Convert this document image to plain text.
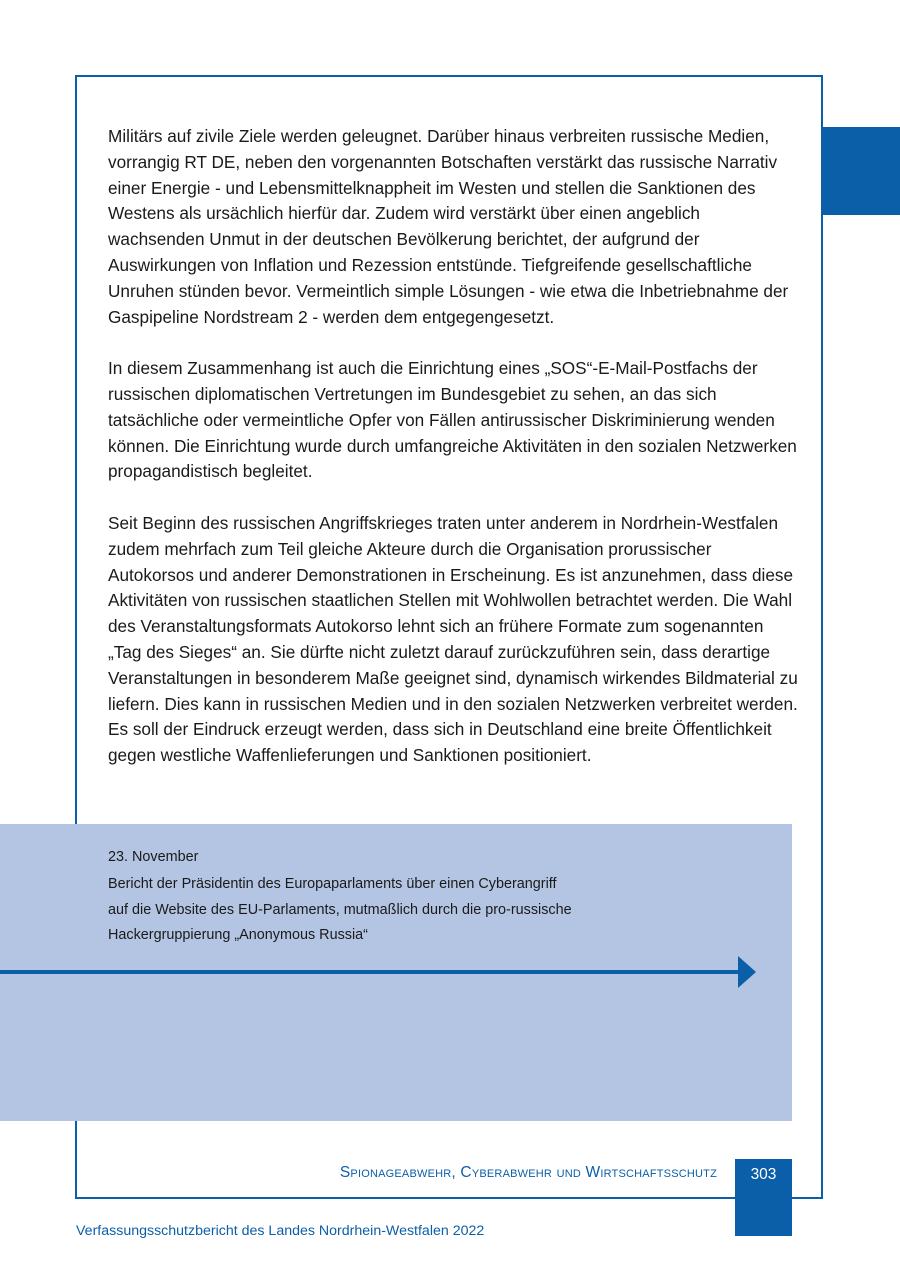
Militärs auf zivile Ziele werden geleugnet. Darüber hinaus verbreiten russische Medien, vorrangig RT DE, neben den vorgenannten Botschaften verstärkt das russische Narrativ einer Energie - und Lebensmittelknappheit im Westen und stellen die Sanktionen des Westens als ursächlich hierfür dar. Zudem wird verstärkt über einen angeblich wachsenden Unmut in der deutschen Bevölkerung berichtet, der aufgrund der Auswirkungen von Inflation und Rezession entstünde. Tiefgreifende gesellschaftliche Unruhen stünden bevor. Vermeintlich simple Lösungen - wie etwa die Inbetriebnahme der Gaspipeline Nordstream 2 - werden dem entgegengesetzt.

In diesem Zusammenhang ist auch die Einrichtung eines „SOS“-E-Mail-Postfachs der russischen diplomatischen Vertretungen im Bundesgebiet zu sehen, an das sich tatsächliche oder vermeintliche Opfer von Fällen antirussischer Diskriminierung wenden können. Die Einrichtung wurde durch umfangreiche Aktivitäten in den sozialen Netzwerken propagandistisch begleitet.

Seit Beginn des russischen Angriffskrieges traten unter anderem in Nordrhein-Westfalen zudem mehrfach zum Teil gleiche Akteure durch die Organisation prorussischer Autokorsos und anderer Demonstrationen in Erscheinung. Es ist anzunehmen, dass diese Aktivitäten von russischen staatlichen Stellen mit Wohlwollen betrachtet werden. Die Wahl des Veranstaltungsformats Autokorso lehnt sich an frühere Formate zum sogenannten „Tag des Sieges“ an. Sie dürfte nicht zuletzt darauf zurückzuführen sein, dass derartige Veranstaltungen in besonderem Maße geeignet sind, dynamisch wirkendes Bildmaterial zu liefern. Dies kann in russischen Medien und in den sozialen Netzwerken verbreitet werden. Es soll der Eindruck erzeugt werden, dass sich in Deutschland eine breite Öffentlichkeit gegen westliche Waffenlieferungen und Sanktionen positioniert.

23. November
Bericht der Präsidentin des Europaparlaments über einen Cyberangriff auf die Website des EU-Parlaments, mutmaßlich durch die pro-russische Hackergruppierung „Anonymous Russia“
Spionageabwehr, Cyberabwehr und Wirtschaftsschutz	303
Verfassungsschutzbericht des Landes Nordrhein-Westfalen 2022
